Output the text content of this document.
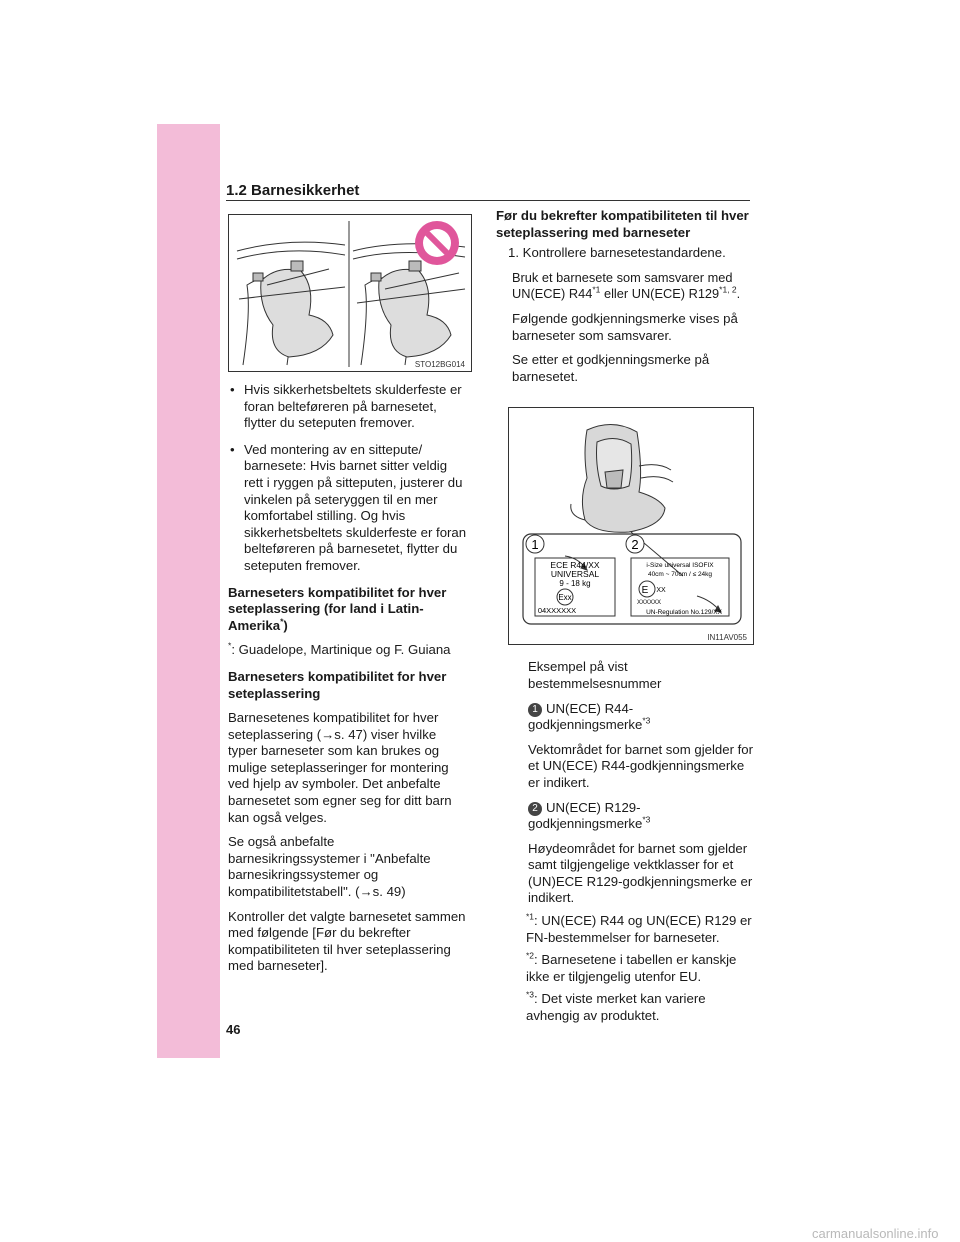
1.2 Barnesikkerhet
STO12BG014

• Hvis sikkerhetsbeltets skulderfeste er foran belteføreren på barnesetet, flytter du seteputen fremover.

• Ved montering av en sittepute/ barnesete: Hvis barnet sitter veldig rett i ryggen på sitteputen, justerer du vinkelen på seteryggen til en mer komfortabel stilling. Og hvis sikkerhetsbeltets skulderfeste er foran belteføreren på barnesetet, flytter du seteputen fremover.

Barneseters kompatibilitet for hver seteplassering (for land i Latin-Amerika*)

*: Guadelope, Martinique og F. Guiana

Barneseters kompatibilitet for hver seteplassering

Barnesetenes kompatibilitet for hver seteplassering (→s. 47) viser hvilke typer barneseter som kan brukes og mulige seteplasseringer for montering ved hjelp av symboler. Det anbefalte barnesetet som egner seg for ditt barn kan også velges.

Se også anbefalte barnesikringssystemer i "Anbefalte barnesikringssystemer og kompatibilitetstabell". (→s. 49)

Kontroller det valgte barnesetet sammen med følgende [Før du bekrefter kompatibiliteten til hver seteplassering med barneseter].

Før du bekrefter kompatibiliteten til hver seteplassering med barneseter

1. Kontrollere barnesetestandardene.

Bruk et barnesete som samsvarer med UN(ECE) R44$^{*1}$ eller UN(ECE) R129$^{*1, 2}$.

Følgende godkjenningsmerke vises på barneseter som samsvarer.

Se etter et godkjenningsmerke på barnesetet.

1	2
ECE R44/XX
UNIVERSAL
9 - 18 kg
Exx
04XXXXXX
i-Size universal ISOFIX
40cm ~ 70cm / ≤ 24kg
E XX
XXXXXX
UN-Regulation No.129/XX
IN11AV055

Eksempel på vist bestemmelsesnummer

1 UN(ECE) R44-godkjenningsmerke$^{*3}$

Vektområdet for barnet som gjelder for et UN(ECE) R44-godkjenningsmerke er indikert.

2 UN(ECE) R129-godkjenningsmerke$^{*3}$

Høydeområdet for barnet som gjelder samt tilgjengelige vektklasser for et (UN)ECE R129-godkjenningsmerke er indikert.

$^{*1}$: UN(ECE) R44 og UN(ECE) R129 er FN-bestemmelser for barneseter.

$^{*2}$: Barnesetene i tabellen er kanskje ikke er tilgjengelig utenfor EU.

$^{*3}$: Det viste merket kan variere avhengig av produktet.

46
carmanualsonline.info
